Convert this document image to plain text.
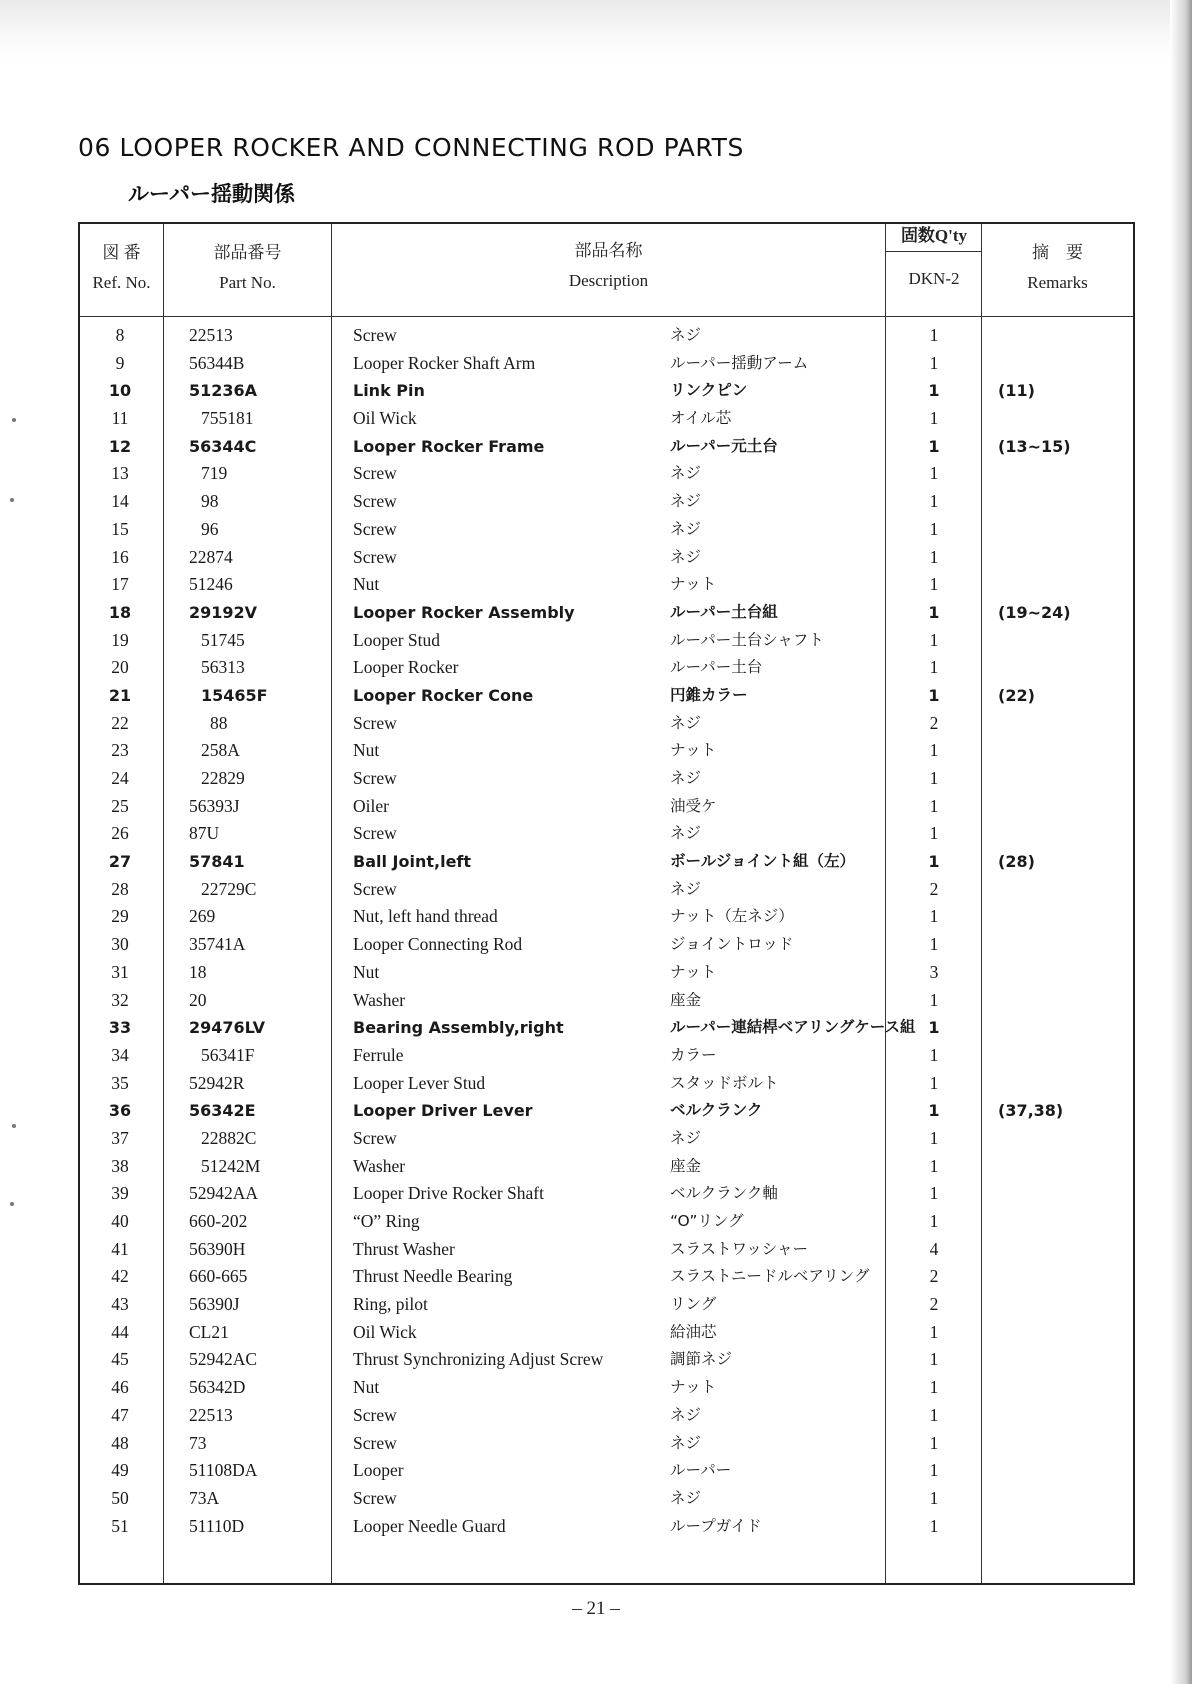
06 LOOPER ROCKER AND CONNECTING ROD PARTS
ルーパー揺動関係
図 番
Ref. No.
部品番号
Part No.
部品名称
Description
固数Q'ty
DKN-2
摘　要
Remarks
8	22513	Screw	ネジ	1
9	56344B	Looper Rocker Shaft Arm	ルーパー揺動アーム	1
10	51236A	Link Pin	リンクピン	1	(11)
11	755181	Oil Wick	オイル芯	1
12	56344C	Looper Rocker Frame	ルーパー元土台	1	(13~15)
13	719	Screw	ネジ	1
14	98	Screw	ネジ	1
15	96	Screw	ネジ	1
16	22874	Screw	ネジ	1
17	51246	Nut	ナット	1
18	29192V	Looper Rocker Assembly	ルーパー土台組	1	(19~24)
19	51745	Looper Stud	ルーパー土台シャフト	1
20	56313	Looper Rocker	ルーパー土台	1
21	15465F	Looper Rocker Cone	円錐カラー	1	(22)
22	88	Screw	ネジ	2
23	258A	Nut	ナット	1
24	22829	Screw	ネジ	1
25	56393J	Oiler	油受ケ	1
26	87U	Screw	ネジ	1
27	57841	Ball Joint,left	ボールジョイント組（左）	1	(28)
28	22729C	Screw	ネジ	2
29	269	Nut, left hand thread	ナット（左ネジ）	1
30	35741A	Looper Connecting Rod	ジョイントロッド	1
31	18	Nut	ナット	3
32	20	Washer	座金	1
33	29476LV	Bearing Assembly,right	ルーパー連結桿ベアリングケース組 1
34	56341F	Ferrule	カラー	1
35	52942R	Looper Lever Stud	スタッドボルト	1
36	56342E	Looper Driver Lever	ベルクランク	1	(37,38)
37	22882C	Screw	ネジ	1
38	51242M	Washer	座金	1
39	52942AA	Looper Drive Rocker Shaft	ベルクランク軸	1
40	660-202	“O” Ring	“O”リング	1
41	56390H	Thrust Washer	スラストワッシャー	4
42	660-665	Thrust Needle Bearing	スラストニードルベアリング	2
43	56390J	Ring, pilot	リング	2
44	CL21	Oil Wick	給油芯	1
45	52942AC	Thrust Synchronizing Adjust Screw	調節ネジ	1
46	56342D	Nut	ナット	1
47	22513	Screw	ネジ	1
48	73	Screw	ネジ	1
49	51108DA	Looper	ルーパー	1
50	73A	Screw	ネジ	1
51	51110D	Looper Needle Guard	ループガイド	1
– 21 –
